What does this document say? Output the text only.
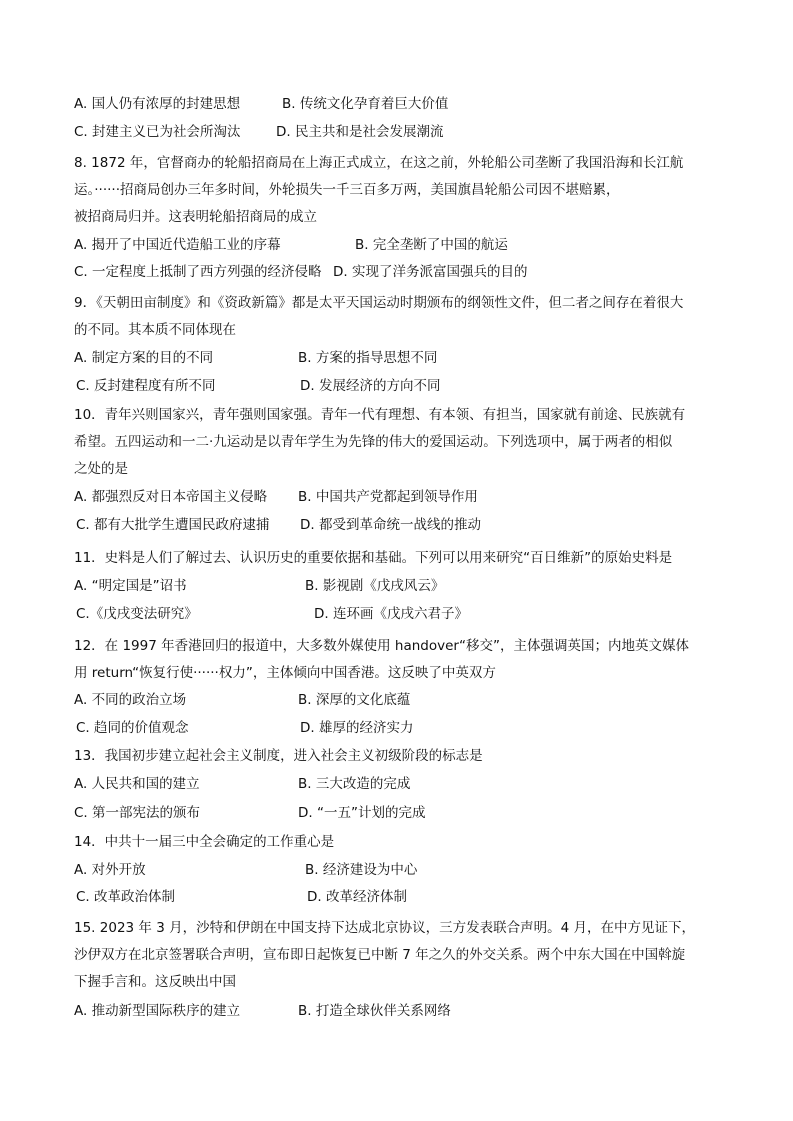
A. 国人仍有浓厚的封建思想	B. 传统文化孕育着巨大价值
C. 封建主义已为社会所淘汰	D. 民主共和是社会发展潮流
8. 1872 年，官督商办的轮船招商局在上海正式成立，在这之前，外轮船公司垄断了我国沿海和长江航
运。······招商局创办三年多时间，外轮损失一千三百多万两，美国旗昌轮船公司因不堪赔累，
被招商局归并。这表明轮船招商局的成立
A. 揭开了中国近代造船工业的序幕	B. 完全垄断了中国的航运
C. 一定程度上抵制了西方列强的经济侵略 D. 实现了洋务派富国强兵的目的
9．《天朝田亩制度》和《资政新篇》都是太平天国运动时期颁布的纲领性文件，但二者之间存在着很大
的不同。其本质不同体现在
A. 制定方案的目的不同	B. 方案的指导思想不同
C. 反封建程度有所不同	D. 发展经济的方向不同
10．青年兴则国家兴，青年强则国家强。青年一代有理想、有本领、有担当，国家就有前途、民族就有
希望。五四运动和一二·九运动是以青年学生为先锋的伟大的爱国运动。下列选项中，属于两者的相似
之处的是
A. 都强烈反对日本帝国主义侵略 B. 中国共产党都起到领导作用
C. 都有大批学生遭国民政府逮捕 D. 都受到革命统一战线的推动
11．史料是人们了解过去、认识历史的重要依据和基础。下列可以用来研究“百日维新”的原始史料是
A. “明定国是”诏书	B. 影视剧《戊戌风云》
C.《戊戌变法研究》	D. 连环画《戊戌六君子》
12．在 1997 年香港回归的报道中，大多数外媒使用 handover“移交”，主体强调英国；内地英文媒体
用 return“恢复行使······权力”，主体倾向中国香港。这反映了中英双方
A. 不同的政治立场	B. 深厚的文化底蕴
C. 趋同的价值观念	D. 雄厚的经济实力
13．我国初步建立起社会主义制度，进入社会主义初级阶段的标志是
A. 人民共和国的建立	B. 三大改造的完成
C. 第一部宪法的颁布	D. “一五”计划的完成
14．中共十一届三中全会确定的工作重心是
A. 对外开放	B. 经济建设为中心
C. 改革政治体制	D. 改革经济体制
15. 2023 年 3 月，沙特和伊朗在中国支持下达成北京协议，三方发表联合声明。4 月，在中方见证下，
沙伊双方在北京签署联合声明，宣布即日起恢复已中断 7 年之久的外交关系。两个中东大国在中国斡旋
下握手言和。这反映出中国
A. 推动新型国际秩序的建立	B. 打造全球伙伴关系网络
